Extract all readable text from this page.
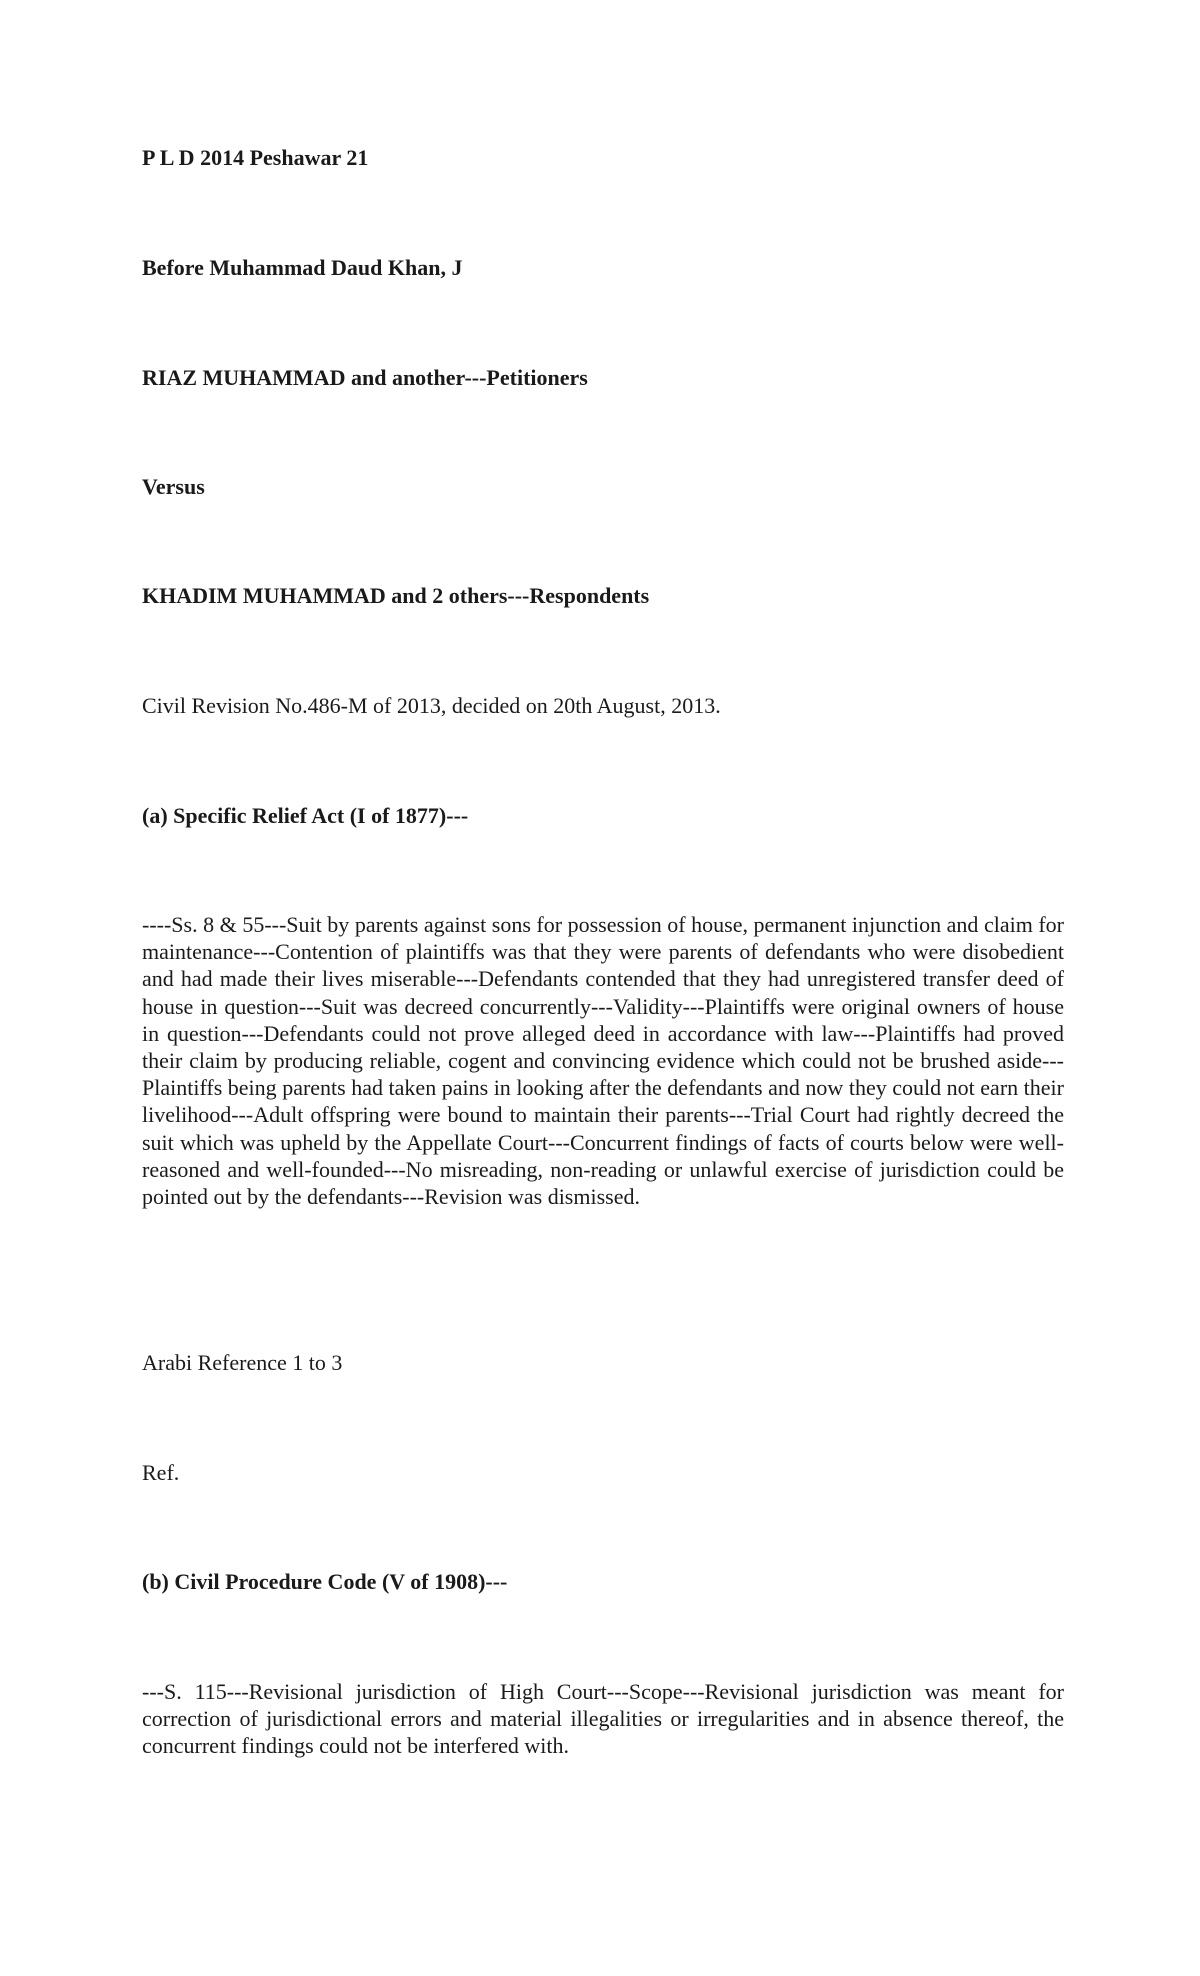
P L D 2014 Peshawar 21

Before Muhammad Daud Khan, J

RIAZ MUHAMMAD and another---Petitioners

Versus

KHADIM MUHAMMAD and 2 others---Respondents

Civil Revision No.486-M of 2013, decided on 20th August, 2013.

(a) Specific Relief Act (I of 1877)---

----Ss. 8 & 55---Suit by parents against sons for possession of house, permanent injunction and claim for maintenance---Contention of plaintiffs was that they were parents of defendants who were disobedient and had made their lives miserable---Defendants contended that they had unregistered transfer deed of house in question---Suit was decreed concurrently---Validity---Plaintiffs were original owners of house in question---Defendants could not prove alleged deed in accordance with law---Plaintiffs had proved their claim by producing reliable, cogent and convincing evidence which could not be brushed aside---Plaintiffs being parents had taken pains in looking after the defendants and now they could not earn their livelihood---Adult offspring were bound to maintain their parents---Trial Court had rightly decreed the suit which was upheld by the Appellate Court---Concurrent findings of facts of courts below were well-reasoned and well-founded---No misreading, non-reading or unlawful exercise of jurisdiction could be pointed out by the defendants---Revision was dismissed.

Arabi Reference 1 to 3

Ref.

(b) Civil Procedure Code (V of 1908)---

---S. 115---Revisional jurisdiction of High Court---Scope---Revisional jurisdiction was meant for correction of jurisdictional errors and material illegalities or irregularities and in absence thereof, the concurrent findings could not be interfered with.
